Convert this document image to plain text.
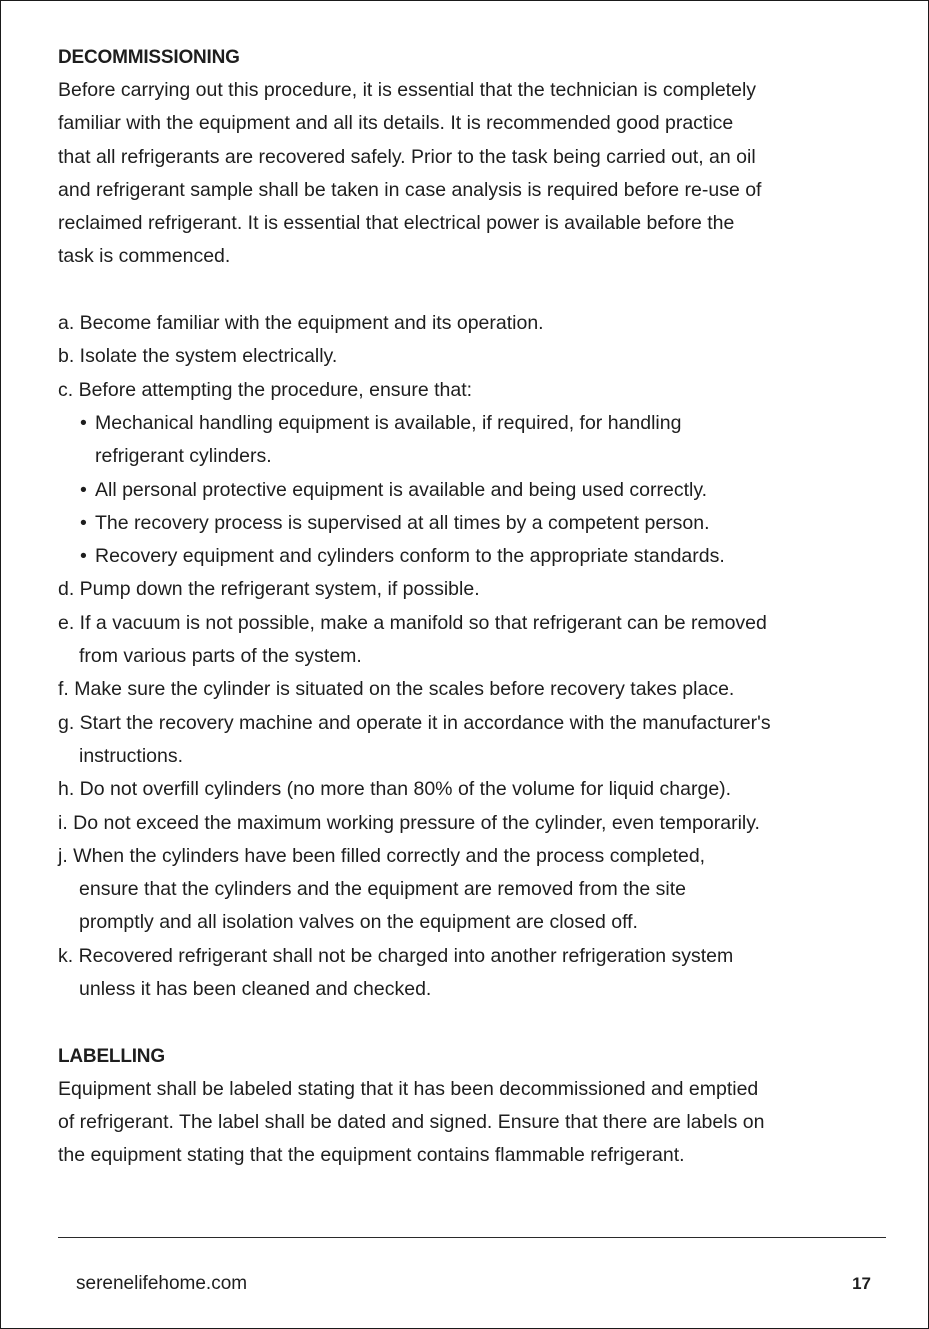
DECOMMISSIONING

Before carrying out this procedure, it is essential that the technician is completely
familiar with the equipment and all its details. It is recommended good practice
that all refrigerants are recovered safely. Prior to the task being carried out, an oil
and refrigerant sample shall be taken in case analysis is required before re-use of
reclaimed refrigerant. It is essential that electrical power is available before the
task is commenced.

a. Become familiar with the equipment and its operation.
b. Isolate the system electrically.
c. Before attempting the procedure, ensure that:
• Mechanical handling equipment is available, if required, for handling
refrigerant cylinders.
• All personal protective equipment is available and being used correctly.
• The recovery process is supervised at all times by a competent person.
• Recovery equipment and cylinders conform to the appropriate standards.
d. Pump down the refrigerant system, if possible.
e. If a vacuum is not possible, make a manifold so that refrigerant can be removed
from various parts of the system.
f. Make sure the cylinder is situated on the scales before recovery takes place.
g. Start the recovery machine and operate it in accordance with the manufacturer's
instructions.
h. Do not overfill cylinders (no more than 80% of the volume for liquid charge).
i. Do not exceed the maximum working pressure of the cylinder, even temporarily.
j. When the cylinders have been filled correctly and the process completed,
ensure that the cylinders and the equipment are removed from the site
promptly and all isolation valves on the equipment are closed off.
k. Recovered refrigerant shall not be charged into another refrigeration system
unless it has been cleaned and checked.
LABELLING

Equipment shall be labeled stating that it has been decommissioned and emptied
of refrigerant. The label shall be dated and signed. Ensure that there are labels on
the equipment stating that the equipment contains flammable refrigerant.

serenelifehome.com	17
